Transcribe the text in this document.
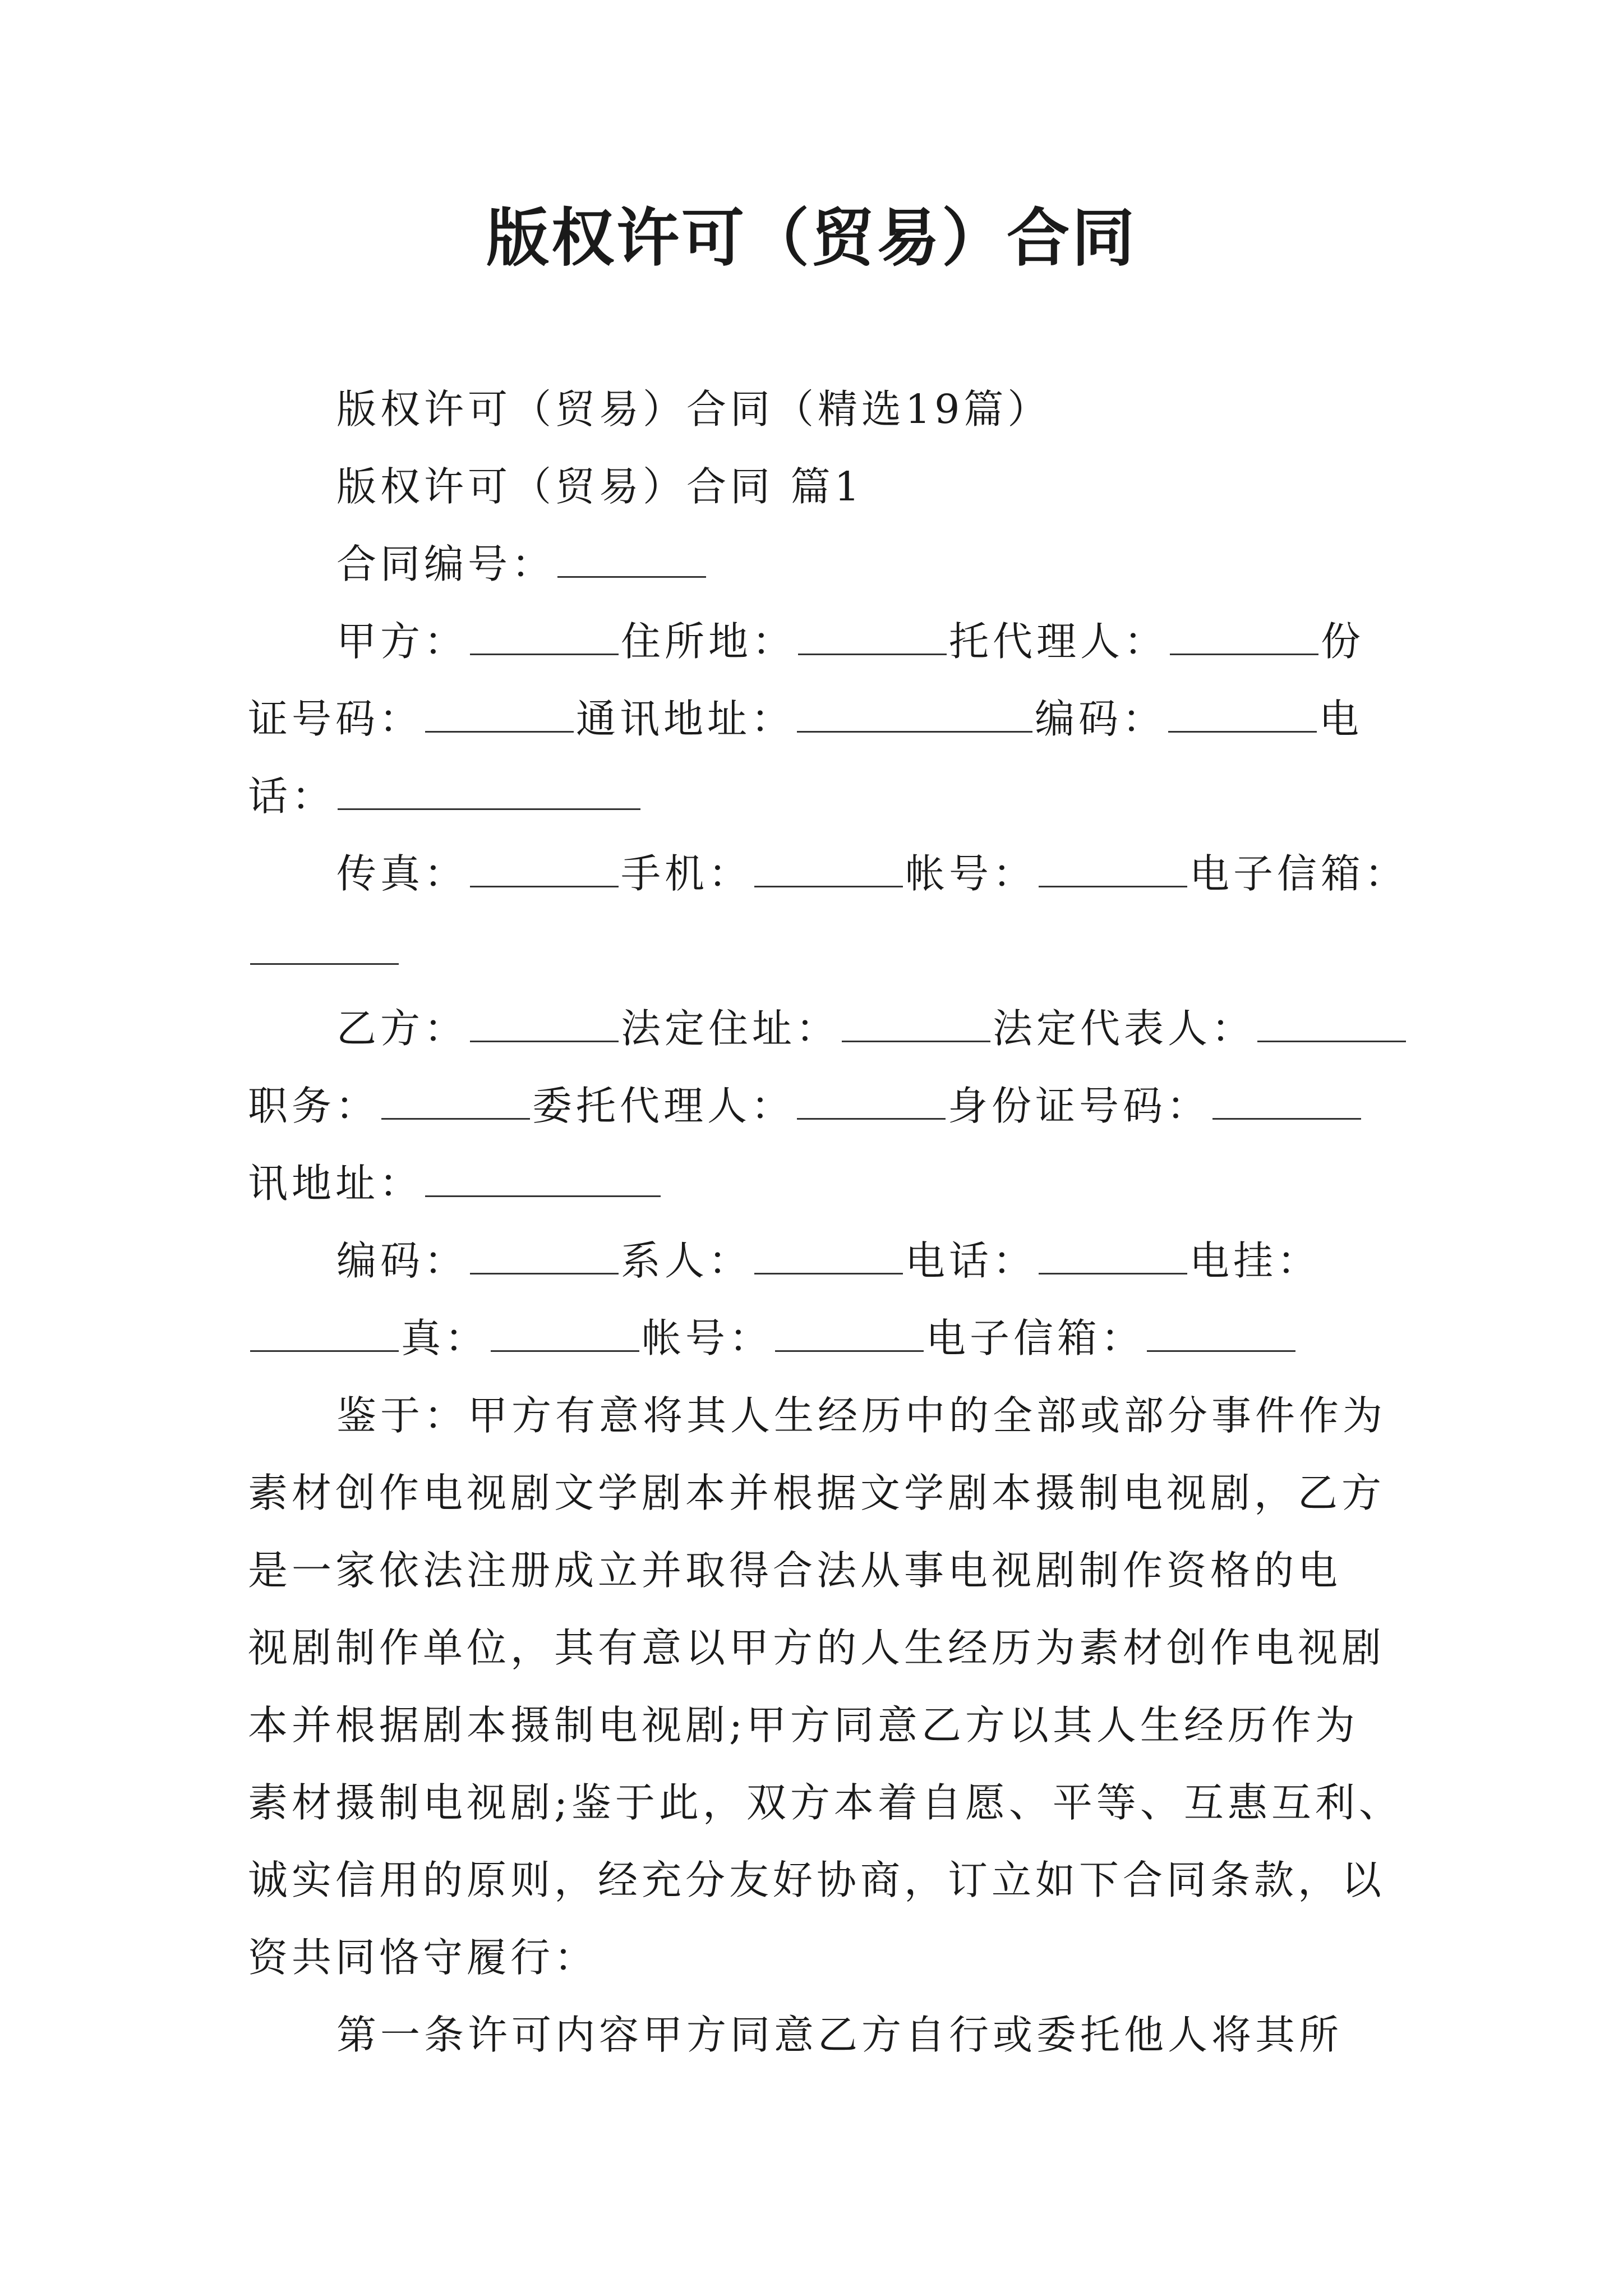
版权许可（贸易）合同
版权许可（贸易）合同（精选19篇）
版权许可（贸易）合同 篇1
合同编号：
甲方：	住所地：	托代理人：	份
证号码：	通讯地址：	编码：	电
话：
传真：	手机：	帐号：	电子信箱：
乙方：	法定住址：	法定代表人：
职务：	委托代理人：	身份证号码：
讯地址：
编码：	系人：	电话：	电挂：
真：	帐号：	电子信箱：
鉴于：甲方有意将其人生经历中的全部或部分事件作为
素材创作电视剧文学剧本并根据文学剧本摄制电视剧，乙方
是一家依法注册成立并取得合法从事电视剧制作资格的电
视剧制作单位，其有意以甲方的人生经历为素材创作电视剧
本并根据剧本摄制电视剧;甲方同意乙方以其人生经历作为
素材摄制电视剧;鉴于此，双方本着自愿、平等、互惠互利、
诚实信用的原则，经充分友好协商，订立如下合同条款，以
资共同恪守履行：
第一条许可内容甲方同意乙方自行或委托他人将其所
